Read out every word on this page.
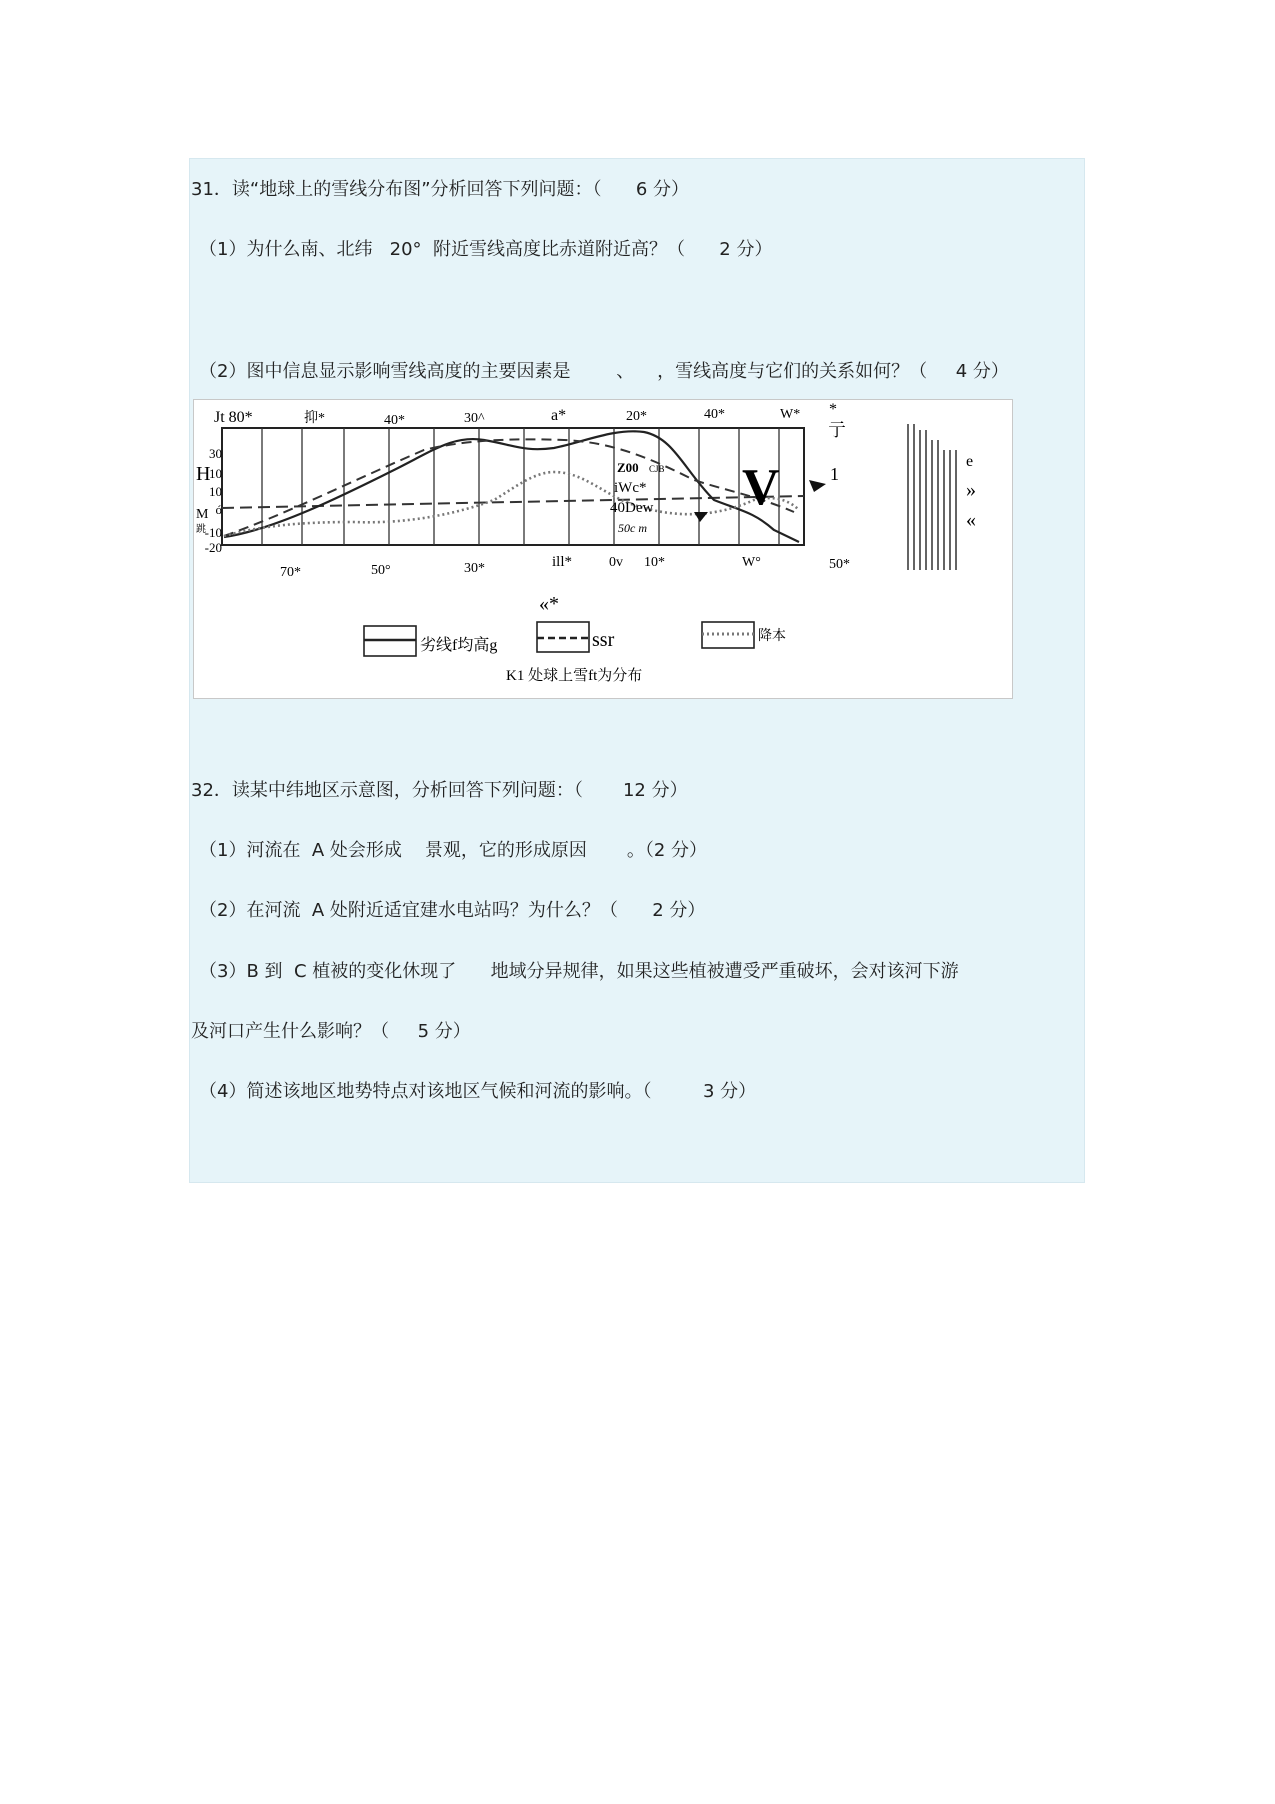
31．读“地球上的雪线分布图”分析回答下列问题：（      6 分）
（1）为什么南、北纬   20°  附近雪线高度比赤道附近高？（      2 分）
（2）图中信息显示影响雪线高度的主要因素是        、    ，雪线高度与它们的关系如何？（     4 分）
Jt 80*	抑*	40*	30^	a*	20*	40*	W* *
H
M
跳
30
10
10
ó
-10
-20
70*	50°	30*	ill*	0v 10*	W°	50*
Z00 CJB
iWc*
40Dew
50c m
V
亍
1
e
»
«
劣线f均高g
«*
ssr	降本
K1 处球上雪ft为分布
32．读某中纬地区示意图，分析回答下列问题：（       12 分）
（1）河流在  A 处会形成    景观，它的形成原因       。（2 分）
（2）在河流  A 处附近适宜建水电站吗？为什么？（      2 分）
（3）B 到  C 植被的变化休现了      地域分异规律，如果这些植被遭受严重破坏，会对该河下游
及河口产生什么影响？（     5 分）
（4）简述该地区地势特点对该地区气候和河流的影响。（         3 分）
